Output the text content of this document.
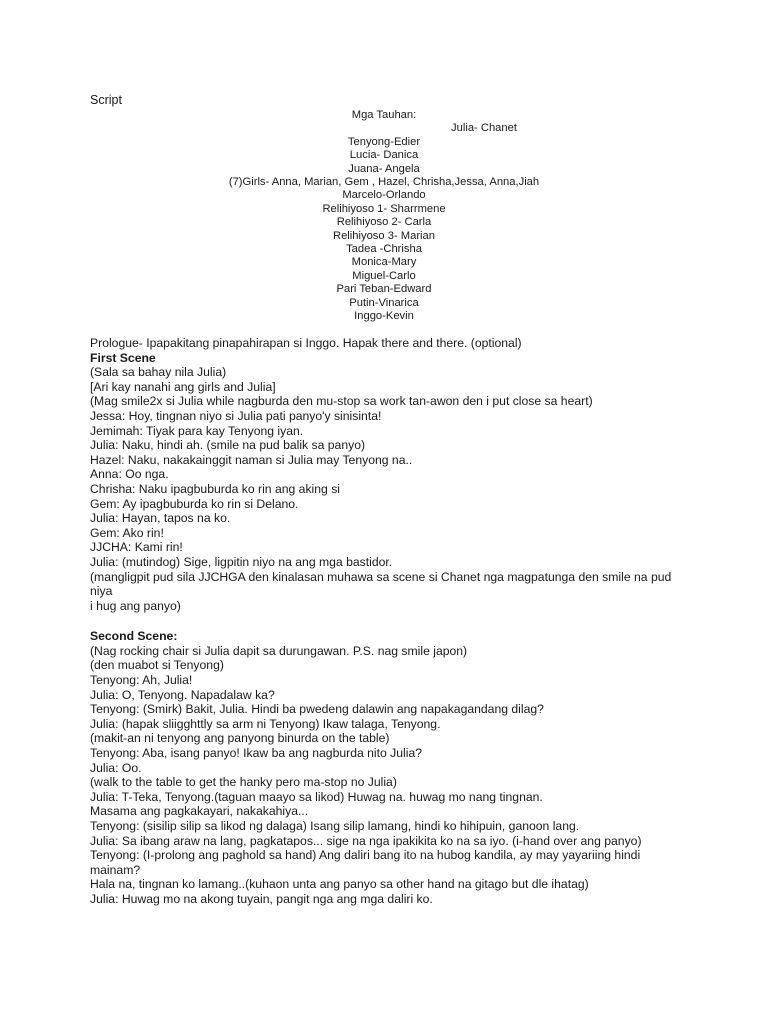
Script
Mga Tauhan:
Julia- Chanet
Tenyong-Edier
Lucia- Danica
Juana- Angela
(7)Girls- Anna, Marian, Gem , Hazel, Chrisha,Jessa, Anna,Jiah
Marcelo-Orlando
Relihiyoso 1- Sharrmene
Relihiyoso 2- Carla
Relihiyoso 3- Marian
Tadea -Chrisha
Monica-Mary
Miguel-Carlo
Pari Teban-Edward
Putin-Vinarica
Inggo-Kevin
Prologue- Ipapakitang pinapahirapan si Inggo. Hapak there and there. (optional)
First Scene
(Sala sa bahay nila Julia)
[Ari kay nanahi ang girls and Julia]
(Mag smile2x si Julia while nagburda den mu-stop sa work tan-awon den i put close sa heart)
Jessa: Hoy, tingnan niyo si Julia pati panyo'y sinisinta!
Jemimah: Tiyak para kay Tenyong iyan.
Julia: Naku, hindi ah. (smile na pud balik sa panyo)
Hazel: Naku, nakakainggit naman si Julia may Tenyong na..
Anna: Oo nga.
Chrisha: Naku ipagbuburda ko rin ang aking si
Gem: Ay ipagbuburda ko rin si Delano.
Julia: Hayan, tapos na ko.
Gem: Ako rin!
JJCHA: Kami rin!
Julia: (mutindog) Sige, ligpitin niyo na ang mga bastidor.
(mangligpit pud sila JJCHGA den kinalasan muhawa sa scene si Chanet nga magpatunga den smile na pud
niya
i hug ang panyo)
Second Scene:
(Nag rocking chair si Julia dapit sa durungawan. P.S. nag smile japon)
(den muabot si Tenyong)
Tenyong: Ah, Julia!
Julia: O, Tenyong. Napadalaw ka?
Tenyong: (Smirk) Bakit, Julia. Hindi ba pwedeng dalawin ang napakagandang dilag?
Julia: (hapak sliigghttly sa arm ni Tenyong) Ikaw talaga, Tenyong.
(makit-an ni tenyong ang panyong binurda on the table)
Tenyong: Aba, isang panyo! Ikaw ba ang nagburda nito Julia?
Julia: Oo.
(walk to the table to get the hanky pero ma-stop no Julia)
Julia: T-Teka, Tenyong.(taguan maayo sa likod) Huwag na. huwag mo nang tingnan.
Masama ang pagkakayari, nakakahiya...
Tenyong: (sisilip silip sa likod ng dalaga) Isang silip lamang, hindi ko hihipuin, ganoon lang.
Julia: Sa ibang araw na lang, pagkatapos... sige na nga ipakikita ko na sa iyo. (i-hand over ang panyo)
Tenyong: (I-prolong ang paghold sa hand) Ang daliri bang ito na hubog kandila, ay may yayariing hindi
mainam?
Hala na, tingnan ko lamang..(kuhaon unta ang panyo sa other hand na gitago but dle ihatag)
Julia: Huwag mo na akong tuyain, pangit nga ang mga daliri ko.
